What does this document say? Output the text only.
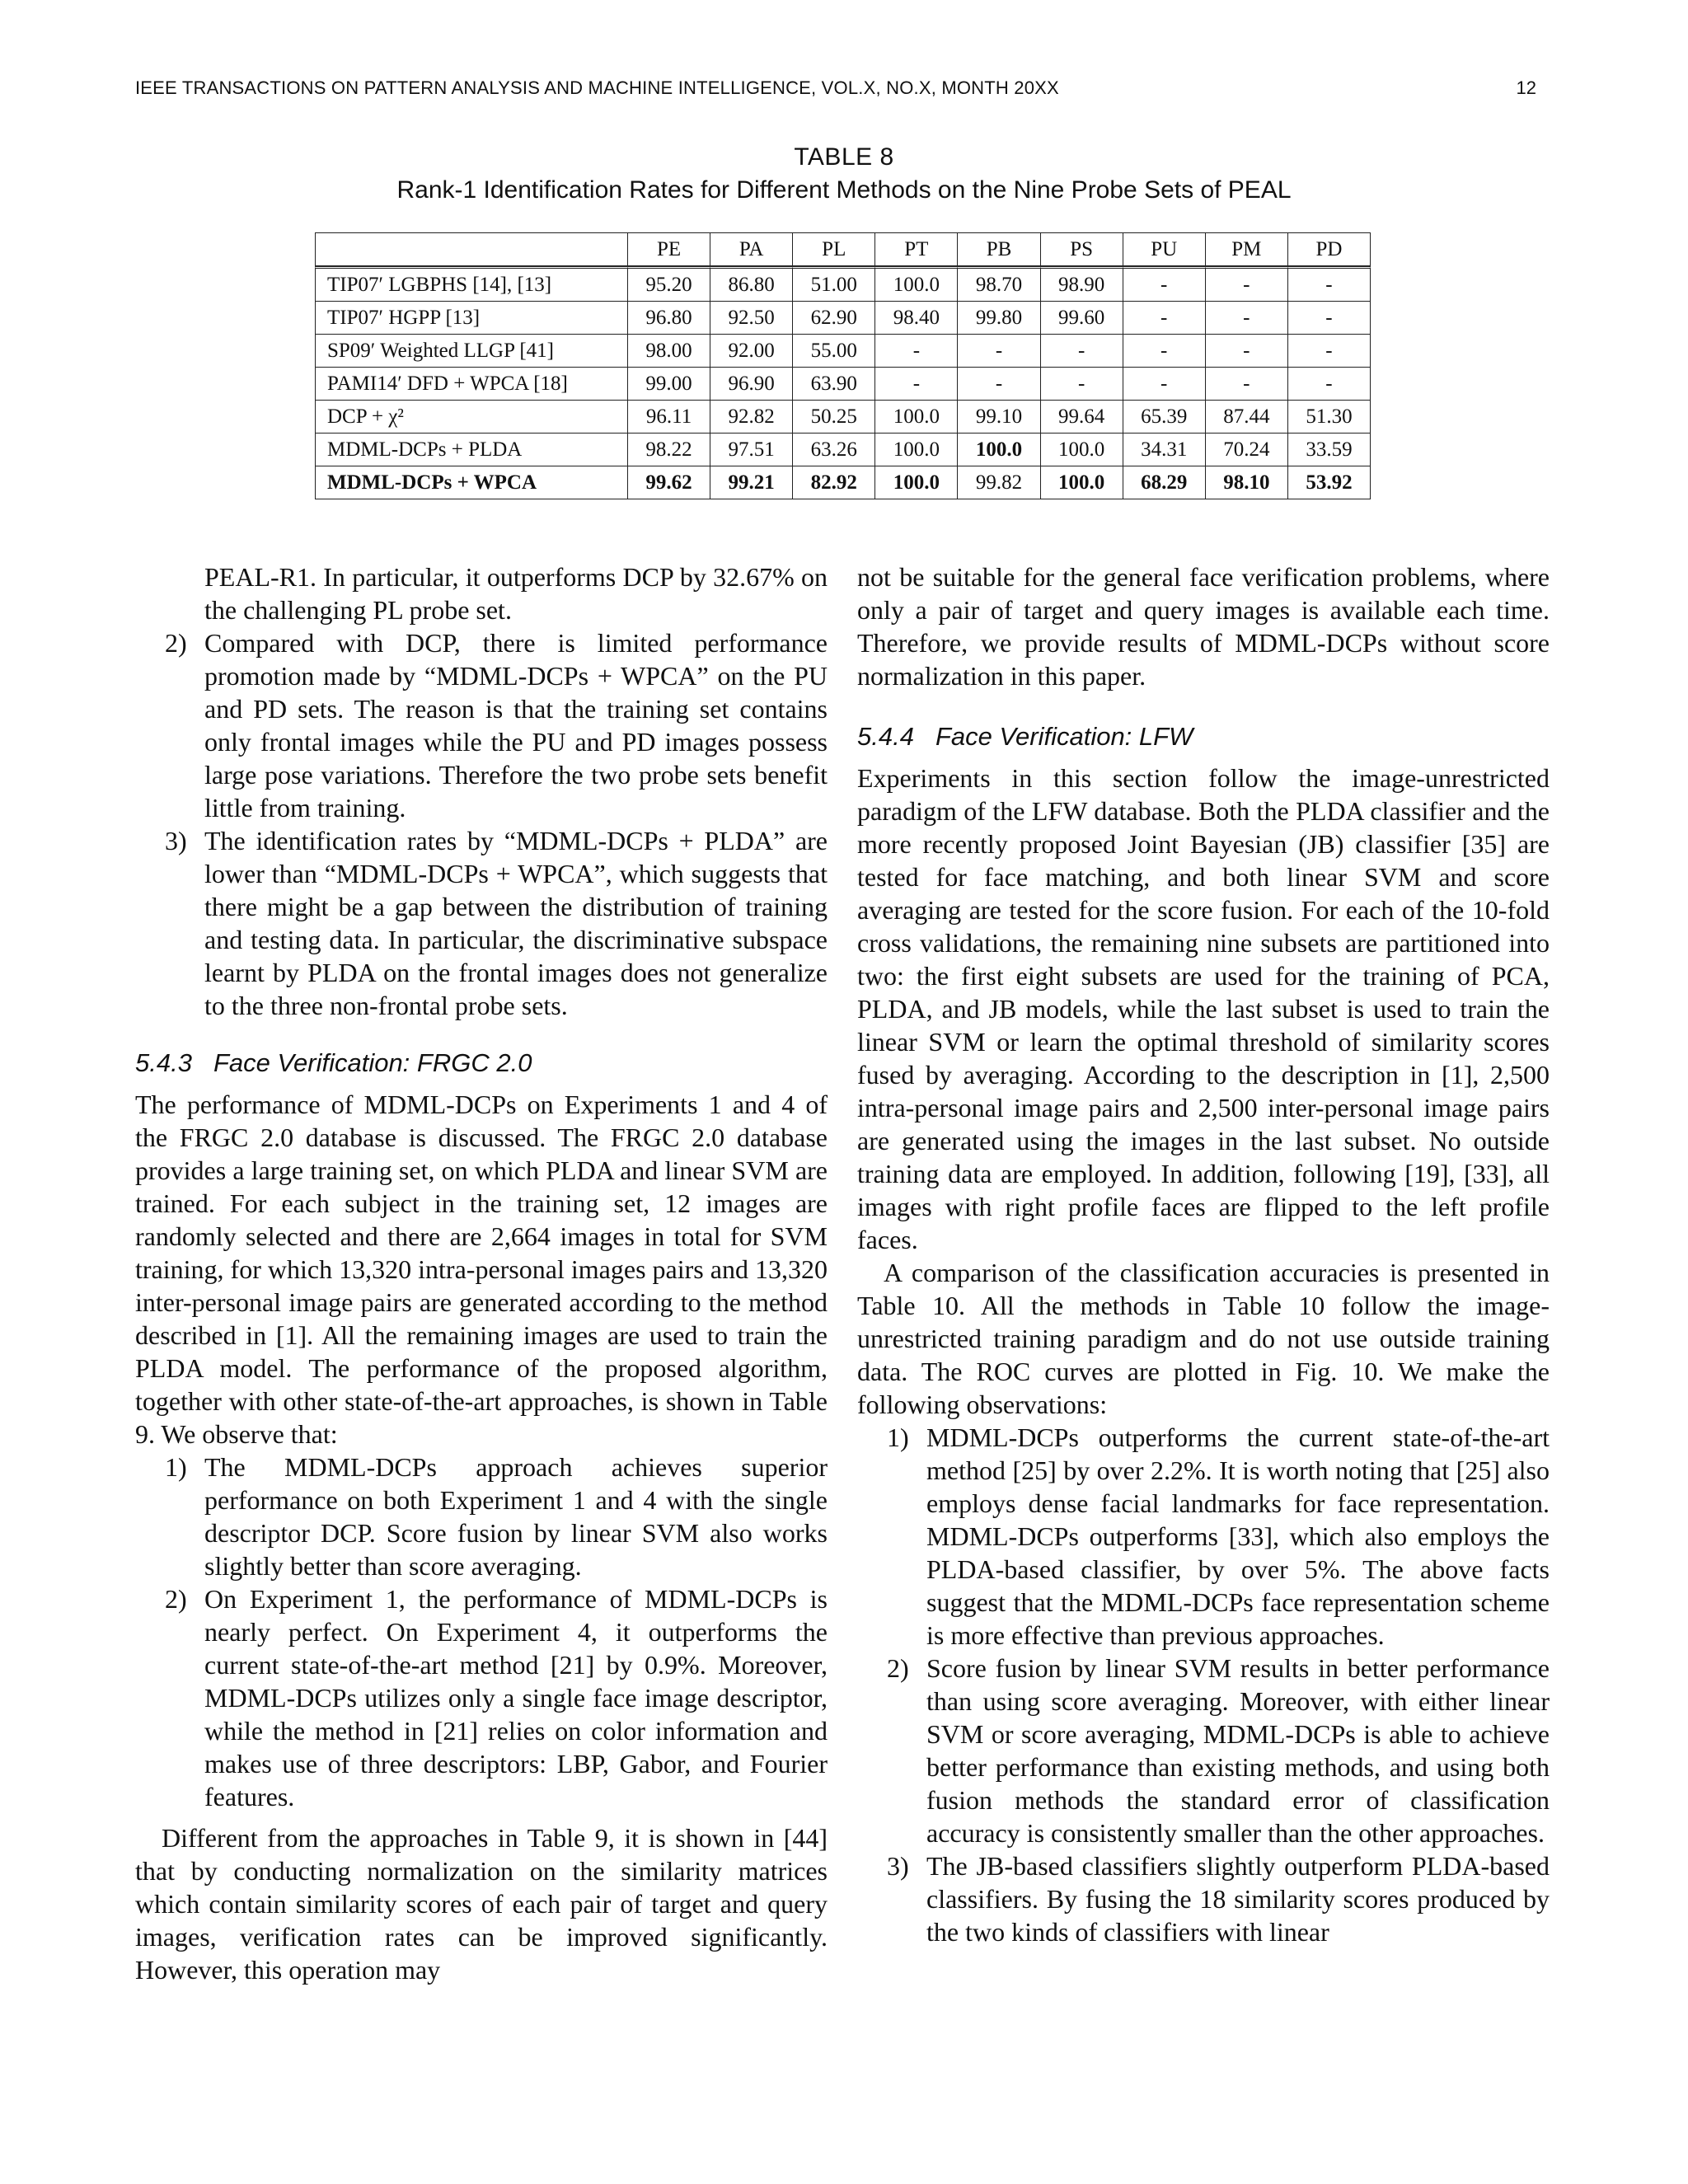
IEEE TRANSACTIONS ON PATTERN ANALYSIS AND MACHINE INTELLIGENCE, VOL.X, NO.X, MONTH 20XX	12
TABLE 8
Rank-1 Identification Rates for Different Methods on the Nine Probe Sets of PEAL
	PE	PA	PL	PT	PB	PS	PU	PM	PD
TIP07′ LGBPHS [14], [13]	95.20	86.80	51.00	100.0	98.70	98.90	-	-	-
TIP07′ HGPP [13]	96.80	92.50	62.90	98.40	99.80	99.60	-	-	-
SP09′ Weighted LLGP [41]	98.00	92.00	55.00	-	-	-	-	-	-
PAMI14′ DFD + WPCA [18]	99.00	96.90	63.90	-	-	-	-	-	-
DCP + χ²	96.11	92.82	50.25	100.0	99.10	99.64	65.39	87.44	51.30
MDML-DCPs + PLDA	98.22	97.51	63.26	100.0	100.0	100.0	34.31	70.24	33.59
MDML-DCPs + WPCA	99.62	99.21	82.92	100.0	99.82	100.0	68.29	98.10	53.92
PEAL-R1. In particular, it outperforms DCP by 32.67% on the challenging PL probe set.
2) Compared with DCP, there is limited performance promotion made by “MDML-DCPs + WPCA” on the PU and PD sets. The reason is that the training set contains only frontal images while the PU and PD images possess large pose variations. Therefore the two probe sets benefit little from training.
3) The identification rates by “MDML-DCPs + PLDA” are lower than “MDML-DCPs + WPCA”, which suggests that there might be a gap between the distribution of training and testing data. In particular, the discriminative subspace learnt by PLDA on the frontal images does not generalize to the three non-frontal probe sets.
5.4.3 Face Verification: FRGC 2.0

The performance of MDML-DCPs on Experiments 1 and 4 of the FRGC 2.0 database is discussed. The FRGC 2.0 database provides a large training set, on which PLDA and linear SVM are trained. For each subject in the training set, 12 images are randomly selected and there are 2,664 images in total for SVM training, for which 13,320 intra-personal images pairs and 13,320 inter-personal image pairs are generated according to the method described in [1]. All the remaining images are used to train the PLDA model. The performance of the proposed algorithm, together with other state-of-the-art approaches, is shown in Table 9. We observe that:

1) The MDML-DCPs approach achieves superior performance on both Experiment 1 and 4 with the single descriptor DCP. Score fusion by linear SVM also works slightly better than score averaging.
2) On Experiment 1, the performance of MDML-DCPs is nearly perfect. On Experiment 4, it outperforms the current state-of-the-art method [21] by 0.9%. Moreover, MDML-DCPs utilizes only a single face image descriptor, while the method in [21] relies on color information and makes use of three descriptors: LBP, Gabor, and Fourier features.

Different from the approaches in Table 9, it is shown in [44] that by conducting normalization on the similarity matrices which contain similarity scores of each pair of target and query images, verification rates can be improved significantly. However, this operation may

not be suitable for the general face verification problems, where only a pair of target and query images is available each time. Therefore, we provide results of MDML-DCPs without score normalization in this paper.

5.4.4 Face Verification: LFW

Experiments in this section follow the image-unrestricted paradigm of the LFW database. Both the PLDA classifier and the more recently proposed Joint Bayesian (JB) classifier [35] are tested for face matching, and both linear SVM and score averaging are tested for the score fusion. For each of the 10-fold cross validations, the remaining nine subsets are partitioned into two: the first eight subsets are used for the training of PCA, PLDA, and JB models, while the last subset is used to train the linear SVM or learn the optimal threshold of similarity scores fused by averaging. According to the description in [1], 2,500 intra-personal image pairs and 2,500 inter-personal image pairs are generated using the images in the last subset. No outside training data are employed. In addition, following [19], [33], all images with right profile faces are flipped to the left profile faces.

A comparison of the classification accuracies is presented in Table 10. All the methods in Table 10 follow the image-unrestricted training paradigm and do not use outside training data. The ROC curves are plotted in Fig. 10. We make the following observations:

1) MDML-DCPs outperforms the current state-of-the-art method [25] by over 2.2%. It is worth noting that [25] also employs dense facial landmarks for face representation. MDML-DCPs outperforms [33], which also employs the PLDA-based classifier, by over 5%. The above facts suggest that the MDML-DCPs face representation scheme is more effective than previous approaches.
2) Score fusion by linear SVM results in better performance than using score averaging. Moreover, with either linear SVM or score averaging, MDML-DCPs is able to achieve better performance than existing methods, and using both fusion methods the standard error of classification accuracy is consistently smaller than the other approaches.
3) The JB-based classifiers slightly outperform PLDA-based classifiers. By fusing the 18 similarity scores produced by the two kinds of classifiers with linear
